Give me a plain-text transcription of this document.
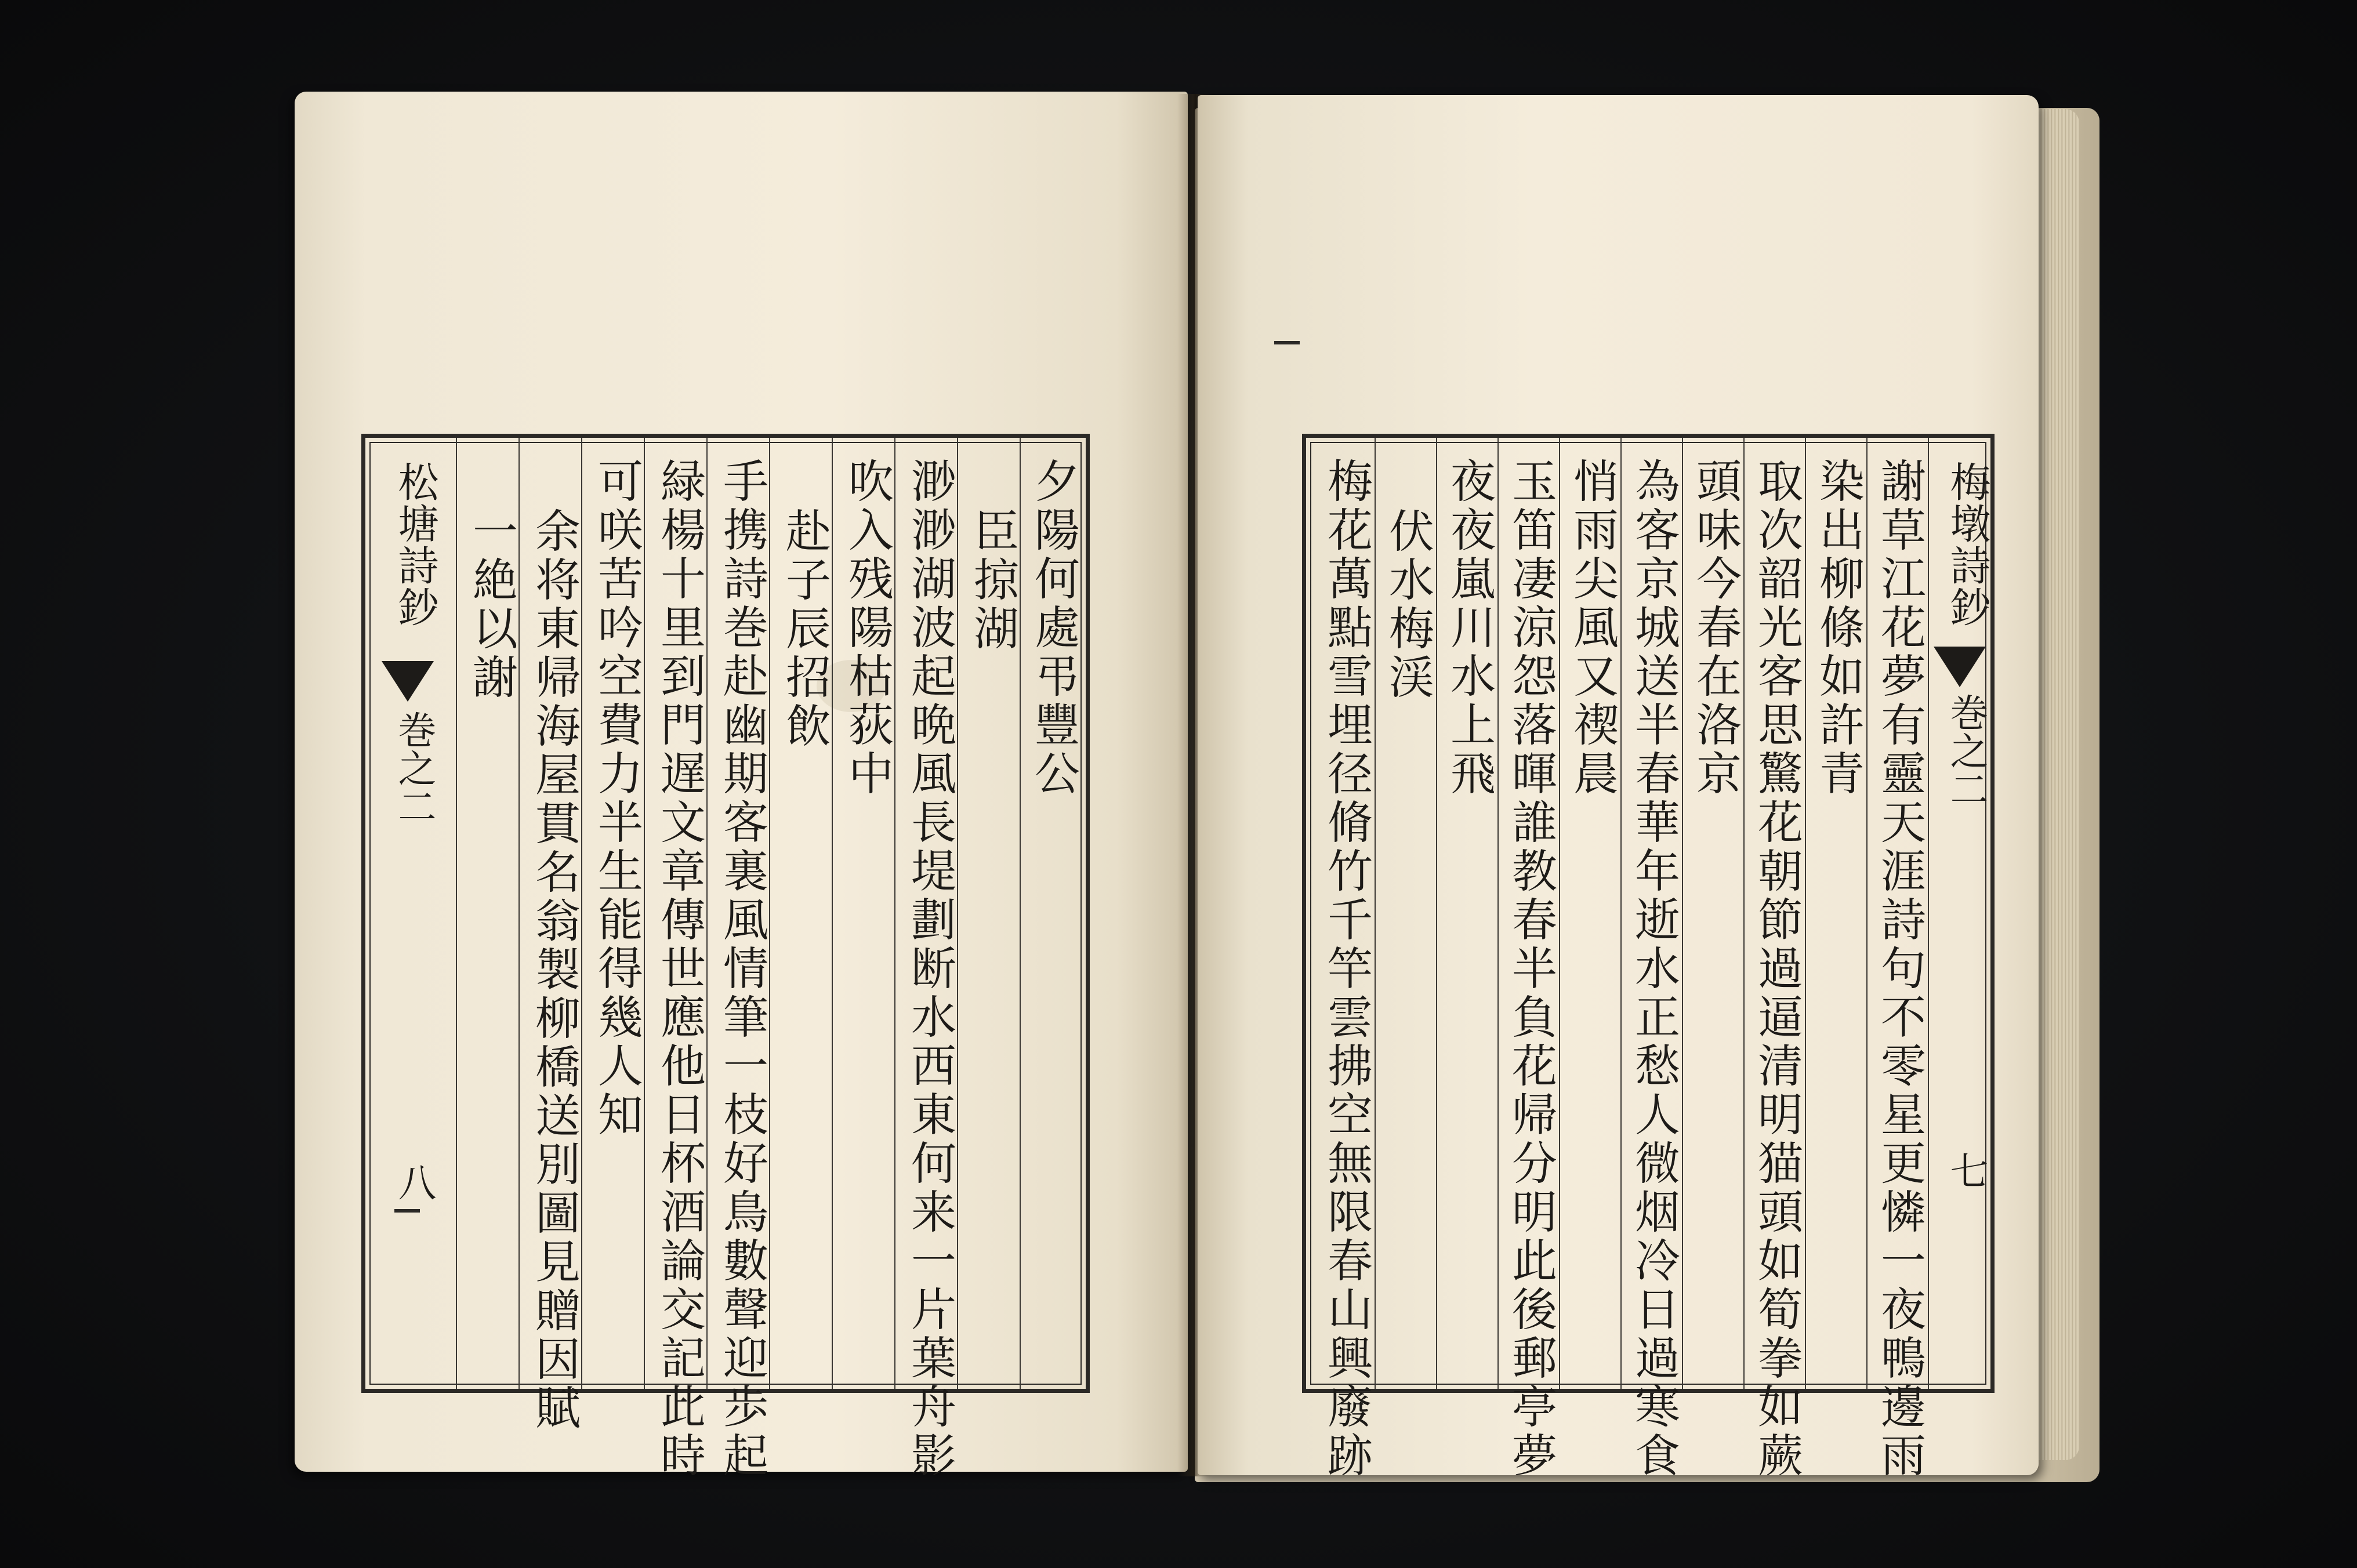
夕陽何處弔豐公
臣掠湖
渺渺湖波起晩風長堤劃断水西東何来一片葉舟影
吹入残陽枯荻中
赴子辰招飲
手携詩巻赴幽期客裏風情筆一枝好鳥數聲迎歩起
緑楊十里到門遅文章傳世應他日杯酒論交記此時
可咲苦吟空費力半生能得幾人知
余将東帰海屋貫名翁製柳橋送別圖見贈因賦
一絶以謝
松塘詩鈔
巻之二
八
梅墩詩鈔
巻之二
七
謝草江花夢有靈天涯詩句不零星更憐一夜鴨邊雨
染出柳條如許青
取次韶光客思驚花朝節過逼清明猫頭如筍拳如蕨
頭味今春在洛京
為客京城送半春華年逝水正愁人微烟冷日過寒食
悄雨尖風又禊晨
玉笛凄涼怨落暉誰教春半負花帰分明此後郵亭夢
夜夜嵐川水上飛
伏水梅渓
梅花萬點雪埋径脩竹千竿雲拂空無限春山興廢跡
